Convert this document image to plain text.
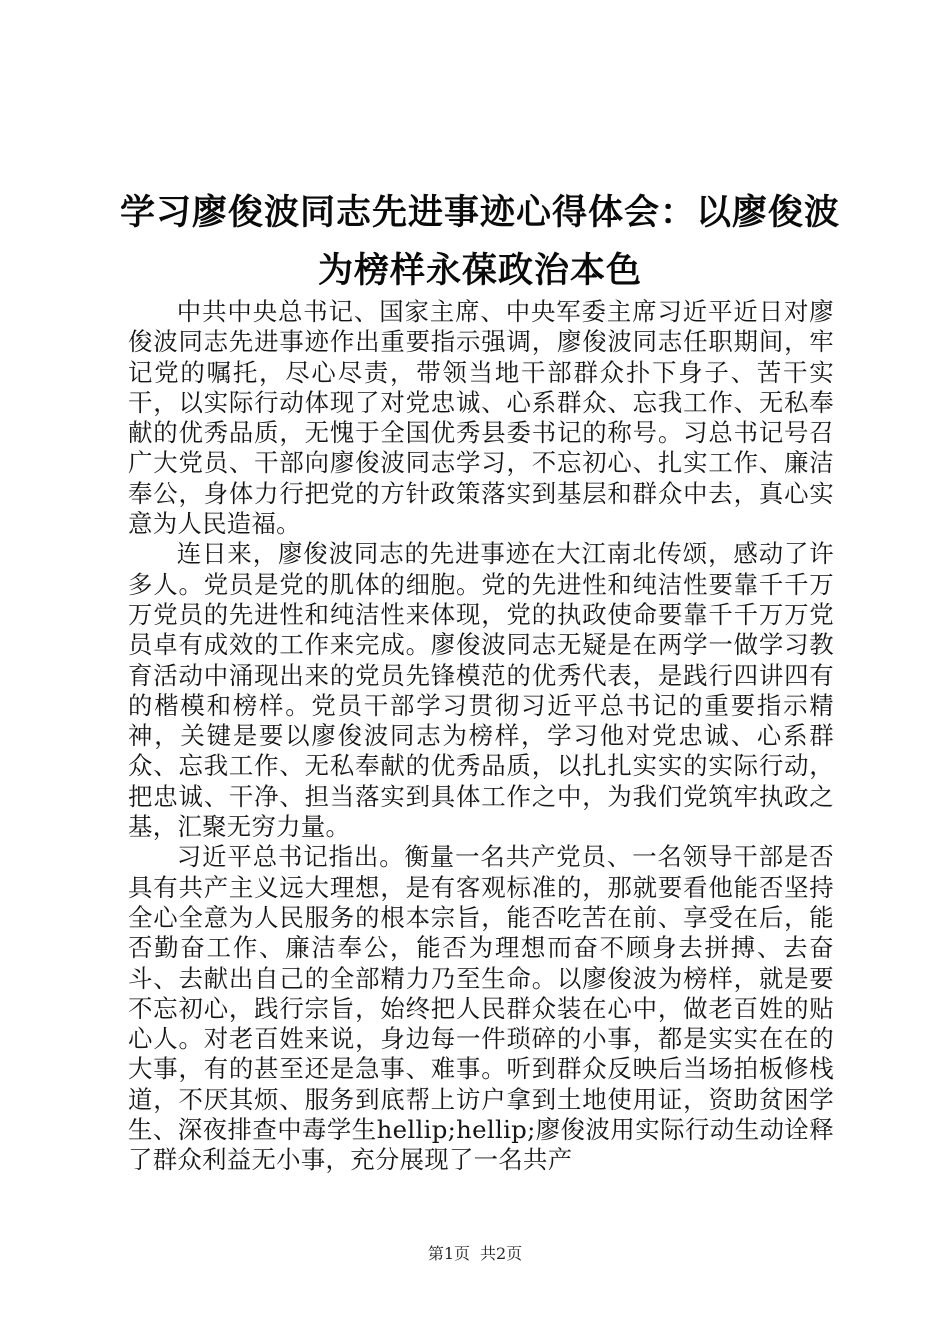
学习廖俊波同志先进事迹心得体会：以廖俊波
为榜样永葆政治本色

中共中央总书记、国家主席、中央军委主席习近平近日对廖俊波同志先进事迹作出重要指示强调，廖俊波同志任职期间，牢记党的嘱托，尽心尽责，带领当地干部群众扑下身子、苦干实干，以实际行动体现了对党忠诚、心系群众、忘我工作、无私奉献的优秀品质，无愧于全国优秀县委书记的称号。习总书记号召广大党员、干部向廖俊波同志学习，不忘初心、扎实工作、廉洁奉公，身体力行把党的方针政策落实到基层和群众中去，真心实意为人民造福。

连日来，廖俊波同志的先进事迹在大江南北传颂，感动了许多人。党员是党的肌体的细胞。党的先进性和纯洁性要靠千千万万党员的先进性和纯洁性来体现，党的执政使命要靠千千万万党员卓有成效的工作来完成。廖俊波同志无疑是在两学一做学习教育活动中涌现出来的党员先锋模范的优秀代表，是践行四讲四有的楷模和榜样。党员干部学习贯彻习近平总书记的重要指示精神，关键是要以廖俊波同志为榜样，学习他对党忠诚、心系群众、忘我工作、无私奉献的优秀品质，以扎扎实实的实际行动，把忠诚、干净、担当落实到具体工作之中，为我们党筑牢执政之基，汇聚无穷力量。

习近平总书记指出。衡量一名共产党员、一名领导干部是否具有共产主义远大理想，是有客观标准的，那就要看他能否坚持全心全意为人民服务的根本宗旨，能否吃苦在前、享受在后，能否勤奋工作、廉洁奉公，能否为理想而奋不顾身去拼搏、去奋斗、去献出自己的全部精力乃至生命。以廖俊波为榜样，就是要不忘初心，践行宗旨，始终把人民群众装在心中，做老百姓的贴心人。对老百姓来说，身边每一件琐碎的小事，都是实实在在的大事，有的甚至还是急事、难事。听到群众反映后当场拍板修栈道，不厌其烦、服务到底帮上访户拿到土地使用证，资助贫困学生、深夜排查中毒学生hellip;hellip;廖俊波用实际行动生动诠释了群众利益无小事，充分展现了一名共产

第1页 共2页
